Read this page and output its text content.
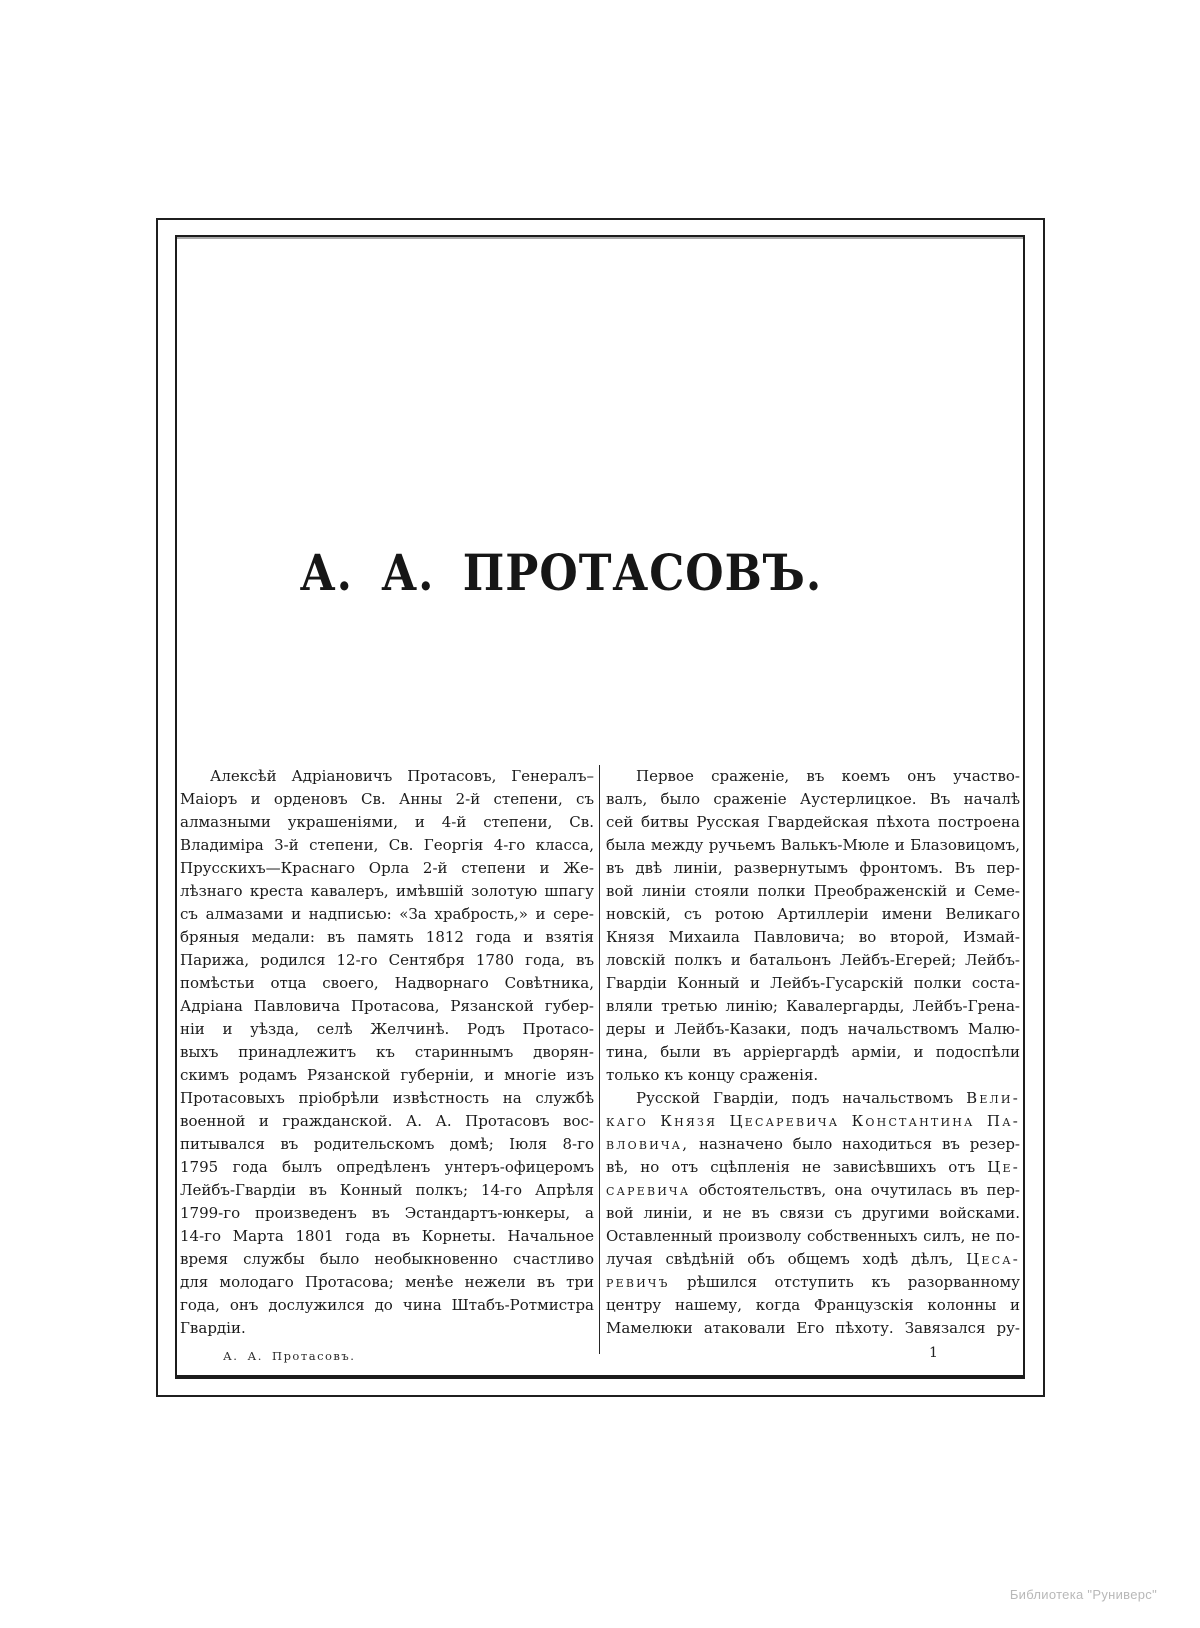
А. А. ПРОТАСОВЪ.
Алексѣй Адріановичъ Протасовъ, Генералъ–
Маіоръ и орденовъ Св. Анны 2-й степени, съ
алмазными украшеніями, и 4-й степени, Св.
Владиміра 3-й степени, Св. Георгія 4-го класса,
Прусскихъ—Краснаго Орла 2-й степени и Же-
лѣзнаго креста кавалеръ, имѣвшій золотую шпагу
съ алмазами и надписью: «За храбрость,» и сере-
бряныя медали: въ память 1812 года и взятія
Парижа, родился 12-го Сентября 1780 года, въ
помѣстьи отца своего, Надворнаго Совѣтника,
Адріана Павловича Протасова, Рязанской губер-
ніи и уѣзда, селѣ Желчинѣ. Родъ Протасо-
выхъ принадлежитъ къ стариннымъ дворян-
скимъ родамъ Рязанской губерніи, и многіе изъ
Протасовыхъ пріобрѣли извѣстность на службѣ
военной и гражданской. А. А. Протасовъ вос-
питывался въ родительскомъ домѣ; Іюля 8-го
1795 года былъ опредѣленъ унтеръ-офицеромъ
Лейбъ-Гвардіи въ Конный полкъ; 14-го Апрѣля
1799-го произведенъ въ Эстандартъ-юнкеры, а
14-го Марта 1801 года въ Корнеты. Начальное
время службы было необыкновенно счастливо
для молодаго Протасова; менѣе нежели въ три
года, онъ дослужился до чина Штабъ-Ротмистра
Гвардіи.
Первое сраженіе, въ коемъ онъ участво-
валъ, было сраженіе Аустерлицкое. Въ началѣ
сей битвы Русская Гвардейская пѣхота построена
была между ручьемъ Валькъ-Мюле и Блазовицомъ,
въ двѣ линіи, развернутымъ фронтомъ. Въ пер-
вой линіи стояли полки Преображенскій и Семе-
новскій, съ ротою Артиллеріи имени Великаго
Князя Михаила Павловича; во второй, Измай-
ловскій полкъ и батальонъ Лейбъ-Егерей; Лейбъ-
Гвардіи Конный и Лейбъ-Гусарскій полки соста-
вляли третью линію; Кавалергарды, Лейбъ-Грена-
деры и Лейбъ-Казаки, подъ начальствомъ Малю-
тина, были въ арріергардѣ арміи, и подоспѣли
только къ концу сраженія.
Русской Гвардіи, подъ начальствомъ Вели-
каго Князя Цесаревича Константина Па-
вловича, назначено было находиться въ резер-
вѣ, но отъ сцѣпленія не зависѣвшихъ отъ Це-
саревича обстоятельствъ, она очутилась въ пер-
вой линіи, и не въ связи съ другими войсками.
Оставленный произволу собственныхъ силъ, не по-
лучая свѣдѣній объ общемъ ходѣ дѣлъ, Цеса-
ревичъ рѣшился отступить къ разорванному
центру нашему, когда Французскія колонны и
Мамелюки атаковали Его пѣхоту. Завязался ру-
А. А. Протасовъ.	1
Библиотека "Руниверс"
